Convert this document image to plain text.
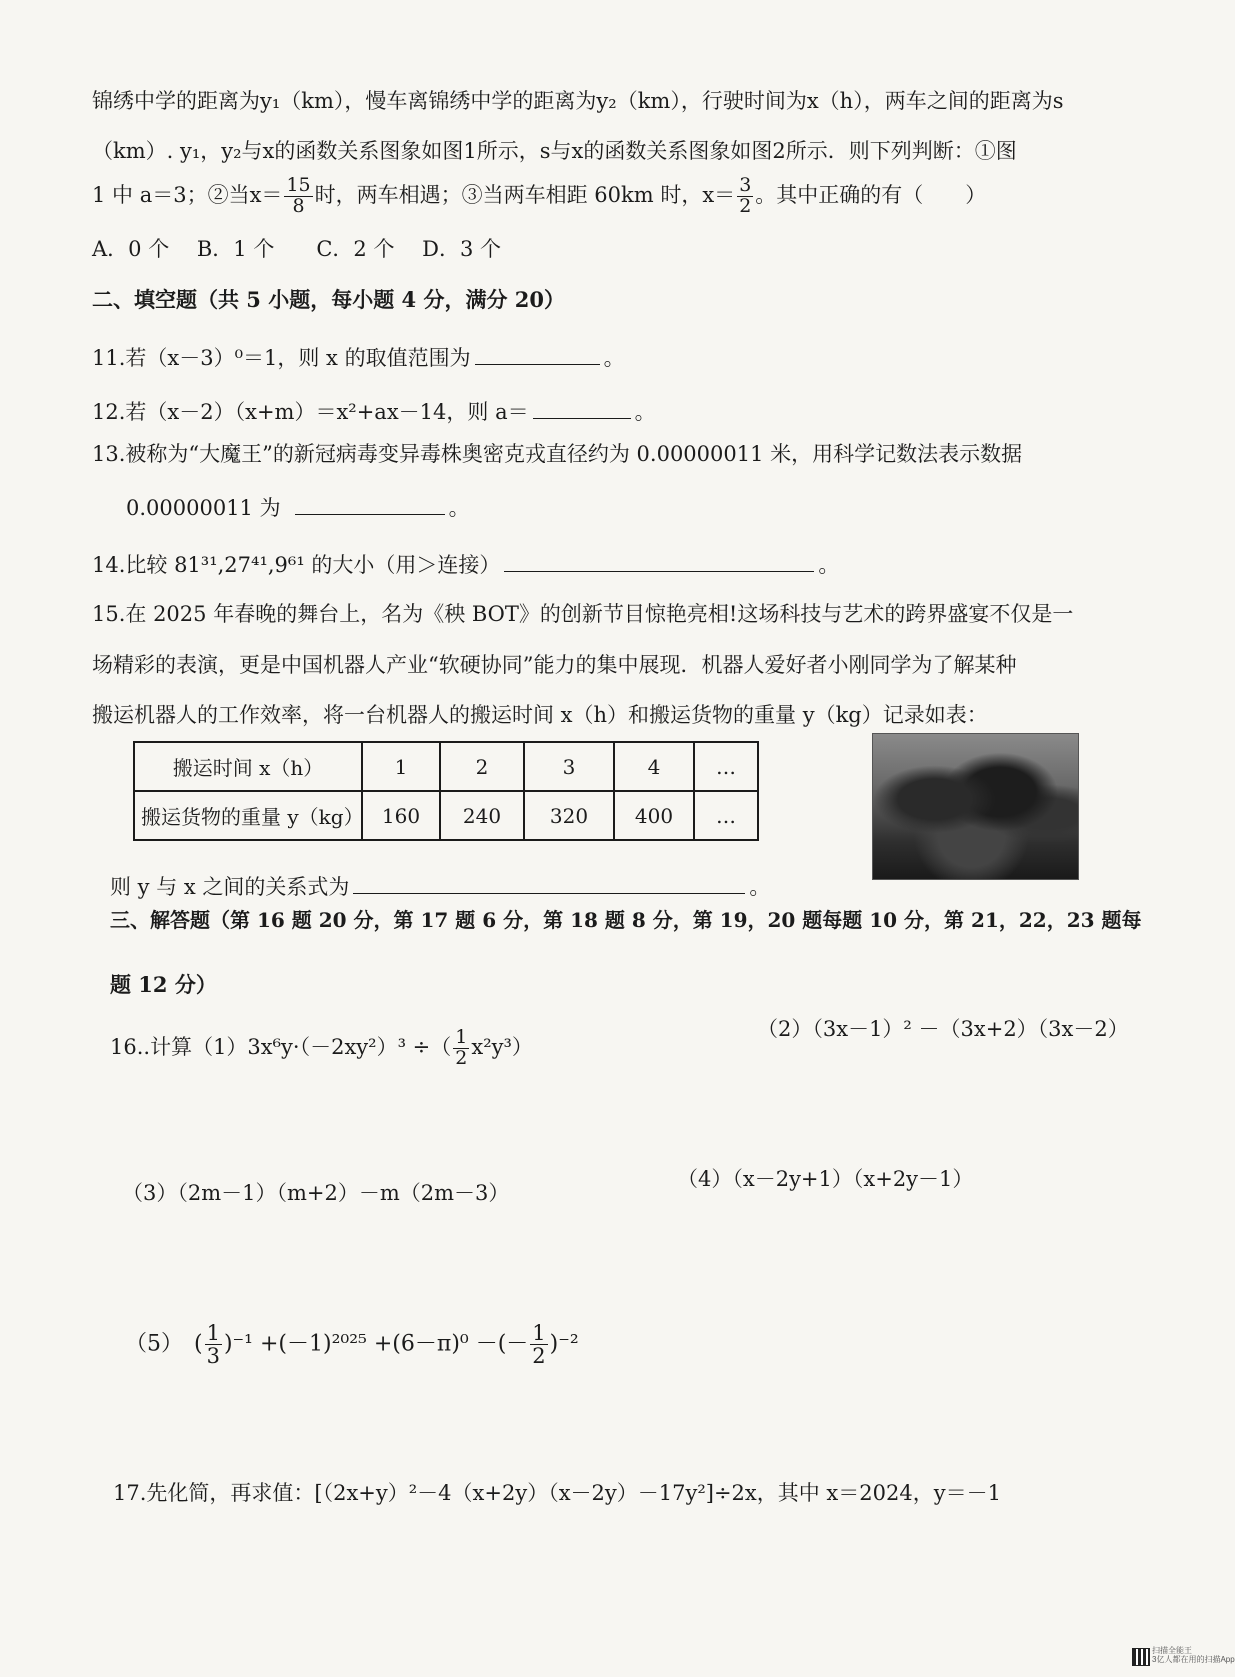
锦绣中学的距离为y₁（km），慢车离锦绣中学的距离为y₂（km），行驶时间为x（h），两车之间的距离为s
（km）. y₁，y₂与x的函数关系图象如图1所示，s与x的函数关系图象如图2所示．则下列判断：①图
1 中 a＝3；②当$x= \frac{15}{8}$ 时，两车相遇；③当两车相距 60km 时，$x= \frac{3}{2}$ 。其中正确的有（　　）
A．0 个　 B．1 个　　C．2 个　 D．3 个
二、填空题（共 5 小题，每小题 4 分，满分 20）
11.若（x－3）⁰＝1，则 x 的取值范围为	。
12.若（x－2）（x+m）＝x²+ax－14，则 a＝	。
13.被称为“大魔王”的新冠病毒变异毒株奥密克戎直径约为 0.00000011 米，用科学记数法表示数据
0.00000011 为	。
14.比较 81³¹,27⁴¹,9⁶¹ 的大小（用＞连接）	。
15.在 2025 年春晚的舞台上，名为《秧 BOT》的创新节目惊艳亮相!这场科技与艺术的跨界盛宴不仅是一
场精彩的表演，更是中国机器人产业“软硬协同”能力的集中展现．机器人爱好者小刚同学为了解某种
搬运机器人的工作效率，将一台机器人的搬运时间 x（h）和搬运货物的重量 y（kg）记录如表：
搬运时间 x（h）	1	2	3	4	…
搬运货物的重量 y（kg）	160	240	320	400	…
则 y 与 x 之间的关系式为	。
三、解答题（第 16 题 20 分，第 17 题 6 分，第 18 题 8 分，第 19，20 题每题 10 分，第 21，22，23 题每
题 12 分）
16..计算（1）3x⁶y·（－2xy²）³ ÷（ $\frac{1}{2} x^2y^3$）
（2）（3x－1）² －（3x+2）（3x－2）
（3）（2m－1）（m+2）－m（2m－3）
（4）（x－2y+1）（x+2y－1）
（5）　( $\frac{1}{3} )^{-1} +(-1)^{2025} +(6-\pi)^0$ －(－ $\frac{1}{2} )^{-2}$
17.先化简，再求值：[（2x+y）²－4（x+2y）（x－2y）－17y²]÷2x，其中 x＝2024，y＝－1
扫描全能王
3亿人都在用的扫描App
